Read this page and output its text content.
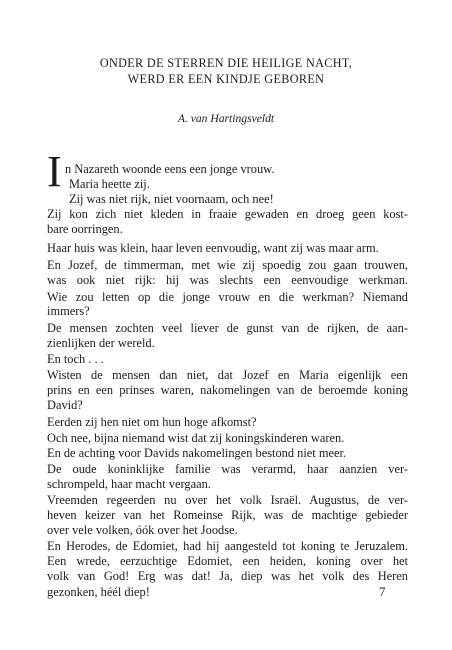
ONDER DE STERREN DIE HEILIGE NACHT,
WERD ER EEN KINDJE GEBOREN
A. van Hartingsveldt
I n Nazareth woonde eens een jonge vrouw.
Maria heette zij.
Zij was niet rijk, niet voornaam, och nee!
Zij kon zich niet kleden in fraaie gewaden en droeg geen kost-
bare oorringen.
Haar huis was klein, haar leven eenvoudig, want zij was maar arm.
En Jozef, de timmerman, met wie zij spoedig zou gaan trouwen,
was ook niet rijk: hij was slechts een eenvoudige werkman.
Wie zou letten op die jonge vrouw en die werkman? Niemand
immers?
De mensen zochten veel liever de gunst van de rijken, de aan-
zienlijken der wereld.
En toch . . .
Wisten de mensen dan niet, dat Jozef en Maria eigenlijk een
prins en een prinses waren, nakomelingen van de beroemde koning
David?
Eerden zij hen niet om hun hoge afkomst?
Och nee, bijna niemand wist dat zij koningskinderen waren.
En de achting voor Davids nakomelingen bestond niet meer.
De oude koninklijke familie was verarmd, haar aanzien ver-
schrompeld, haar macht vergaan.
Vreemden regeerden nu over het volk Israël. Augustus, de ver-
heven keizer van het Romeinse Rijk, was de machtige gebieder
over vele volken, óók over het Joodse.
En Herodes, de Edomiet, had hij aangesteld tot koning te Jeruzalem.
Een wrede, eerzuchtige Edomiet, een heiden, koning over het
volk van God! Erg was dat! Ja, diep was het volk des Heren
gezonken, héél diep!	7
